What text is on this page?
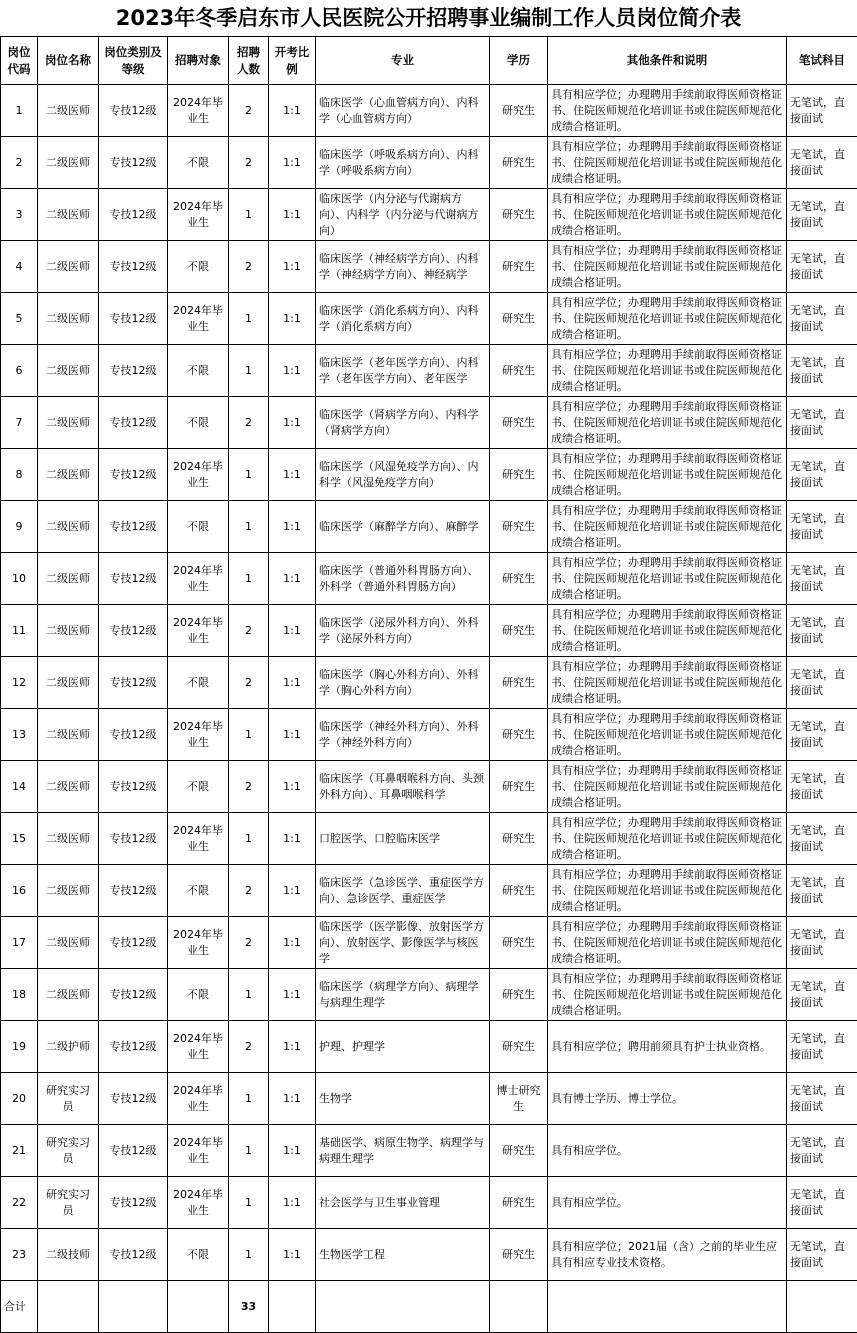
2023年冬季启东市人民医院公开招聘事业编制工作人员岗位简介表
岗位代码	岗位名称	岗位类别及等级	招聘对象	招聘人数	开考比例	专业	学历	其他条件和说明	笔试科目
1	二级医师	专技12级	2024年毕业生	2	1:1	临床医学（心血管病方向）、内科学（心血管病方向）	研究生	具有相应学位；办理聘用手续前取得医师资格证书、住院医师规范化培训证书或住院医师规范化成绩合格证明。	无笔试，直接面试
2	二级医师	专技12级	不限	2	1:1	临床医学（呼吸系病方向）、内科学（呼吸系病方向）	研究生	具有相应学位；办理聘用手续前取得医师资格证书、住院医师规范化培训证书或住院医师规范化成绩合格证明。	无笔试，直接面试
3	二级医师	专技12级	2024年毕业生	1	1:1	临床医学（内分泌与代谢病方向）、内科学（内分泌与代谢病方向）	研究生	具有相应学位；办理聘用手续前取得医师资格证书、住院医师规范化培训证书或住院医师规范化成绩合格证明。	无笔试，直接面试
4	二级医师	专技12级	不限	2	1:1	临床医学（神经病学方向）、内科学（神经病学方向）、神经病学	研究生	具有相应学位；办理聘用手续前取得医师资格证书、住院医师规范化培训证书或住院医师规范化成绩合格证明。	无笔试，直接面试
5	二级医师	专技12级	2024年毕业生	1	1:1	临床医学（消化系病方向）、内科学（消化系病方向）	研究生	具有相应学位；办理聘用手续前取得医师资格证书、住院医师规范化培训证书或住院医师规范化成绩合格证明。	无笔试，直接面试
6	二级医师	专技12级	不限	1	1:1	临床医学（老年医学方向）、内科学（老年医学方向）、老年医学	研究生	具有相应学位；办理聘用手续前取得医师资格证书、住院医师规范化培训证书或住院医师规范化成绩合格证明。	无笔试，直接面试
7	二级医师	专技12级	不限	2	1:1	临床医学（肾病学方向）、内科学（肾病学方向）	研究生	具有相应学位；办理聘用手续前取得医师资格证书、住院医师规范化培训证书或住院医师规范化成绩合格证明。	无笔试，直接面试
8	二级医师	专技12级	2024年毕业生	1	1:1	临床医学（风湿免疫学方向）、内科学（风湿免疫学方向）	研究生	具有相应学位；办理聘用手续前取得医师资格证书、住院医师规范化培训证书或住院医师规范化成绩合格证明。	无笔试，直接面试
9	二级医师	专技12级	不限	1	1:1	临床医学（麻醉学方向）、麻醉学	研究生	具有相应学位；办理聘用手续前取得医师资格证书、住院医师规范化培训证书或住院医师规范化成绩合格证明。	无笔试，直接面试
10	二级医师	专技12级	2024年毕业生	1	1:1	临床医学（普通外科胃肠方向）、外科学（普通外科胃肠方向）	研究生	具有相应学位；办理聘用手续前取得医师资格证书、住院医师规范化培训证书或住院医师规范化成绩合格证明。	无笔试，直接面试
11	二级医师	专技12级	2024年毕业生	2	1:1	临床医学（泌尿外科方向）、外科学（泌尿外科方向）	研究生	具有相应学位；办理聘用手续前取得医师资格证书、住院医师规范化培训证书或住院医师规范化成绩合格证明。	无笔试，直接面试
12	二级医师	专技12级	不限	2	1:1	临床医学（胸心外科方向）、外科学（胸心外科方向）	研究生	具有相应学位；办理聘用手续前取得医师资格证书、住院医师规范化培训证书或住院医师规范化成绩合格证明。	无笔试，直接面试
13	二级医师	专技12级	2024年毕业生	1	1:1	临床医学（神经外科方向）、外科学（神经外科方向）	研究生	具有相应学位；办理聘用手续前取得医师资格证书、住院医师规范化培训证书或住院医师规范化成绩合格证明。	无笔试，直接面试
14	二级医师	专技12级	不限	2	1:1	临床医学（耳鼻咽喉科方向、头颈外科方向）、耳鼻咽喉科学	研究生	具有相应学位；办理聘用手续前取得医师资格证书、住院医师规范化培训证书或住院医师规范化成绩合格证明。	无笔试，直接面试
15	二级医师	专技12级	2024年毕业生	1	1:1	口腔医学、口腔临床医学	研究生	具有相应学位；办理聘用手续前取得医师资格证书、住院医师规范化培训证书或住院医师规范化成绩合格证明。	无笔试，直接面试
16	二级医师	专技12级	不限	2	1:1	临床医学（急诊医学、重症医学方向）、急诊医学、重症医学	研究生	具有相应学位；办理聘用手续前取得医师资格证书、住院医师规范化培训证书或住院医师规范化成绩合格证明。	无笔试，直接面试
17	二级医师	专技12级	2024年毕业生	2	1:1	临床医学（医学影像、放射医学方向）、放射医学、影像医学与核医学	研究生	具有相应学位；办理聘用手续前取得医师资格证书、住院医师规范化培训证书或住院医师规范化成绩合格证明。	无笔试，直接面试
18	二级医师	专技12级	不限	1	1:1	临床医学（病理学方向）、病理学与病理生理学	研究生	具有相应学位；办理聘用手续前取得医师资格证书、住院医师规范化培训证书或住院医师规范化成绩合格证明。	无笔试，直接面试
19	二级护师	专技12级	2024年毕业生	2	1:1	护理、护理学	研究生	具有相应学位；聘用前须具有护士执业资格。	无笔试，直接面试
20	研究实习员	专技12级	2024年毕业生	1	1:1	生物学	博士研究生	具有博士学历、博士学位。	无笔试，直接面试
21	研究实习员	专技12级	2024年毕业生	1	1:1	基础医学、病原生物学、病理学与病理生理学	研究生	具有相应学位。	无笔试，直接面试
22	研究实习员	专技12级	2024年毕业生	1	1:1	社会医学与卫生事业管理	研究生	具有相应学位。	无笔试，直接面试
23	二级技师	专技12级	不限	1	1:1	生物医学工程	研究生	具有相应学位；2021届（含）之前的毕业生应具有相应专业技术资格。	无笔试，直接面试
合计				33					
